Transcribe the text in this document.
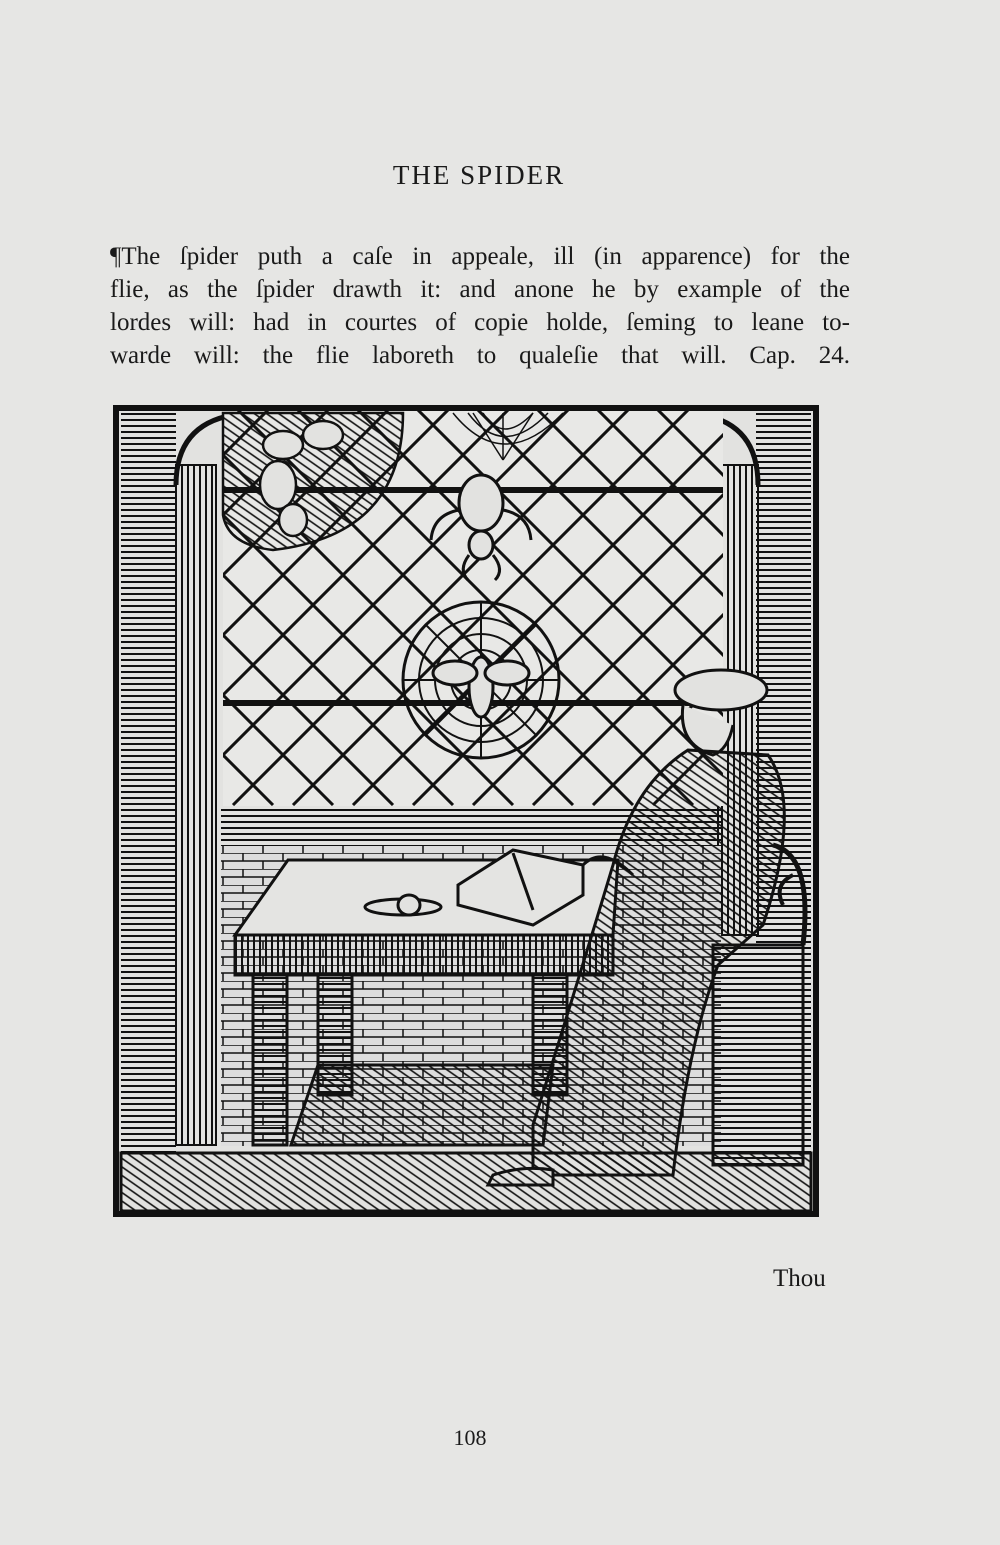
THE SPIDER
¶The ſpider puth a caſe in appeale, ill (in apparence) for the
flie, as the ſpider drawth it: and anone he by example of the
lordes will: had in courtes of copie holde, ſeming to leane to-
warde will: the flie laboreth to qualeſie that will. Cap. 24.
Thou
108
